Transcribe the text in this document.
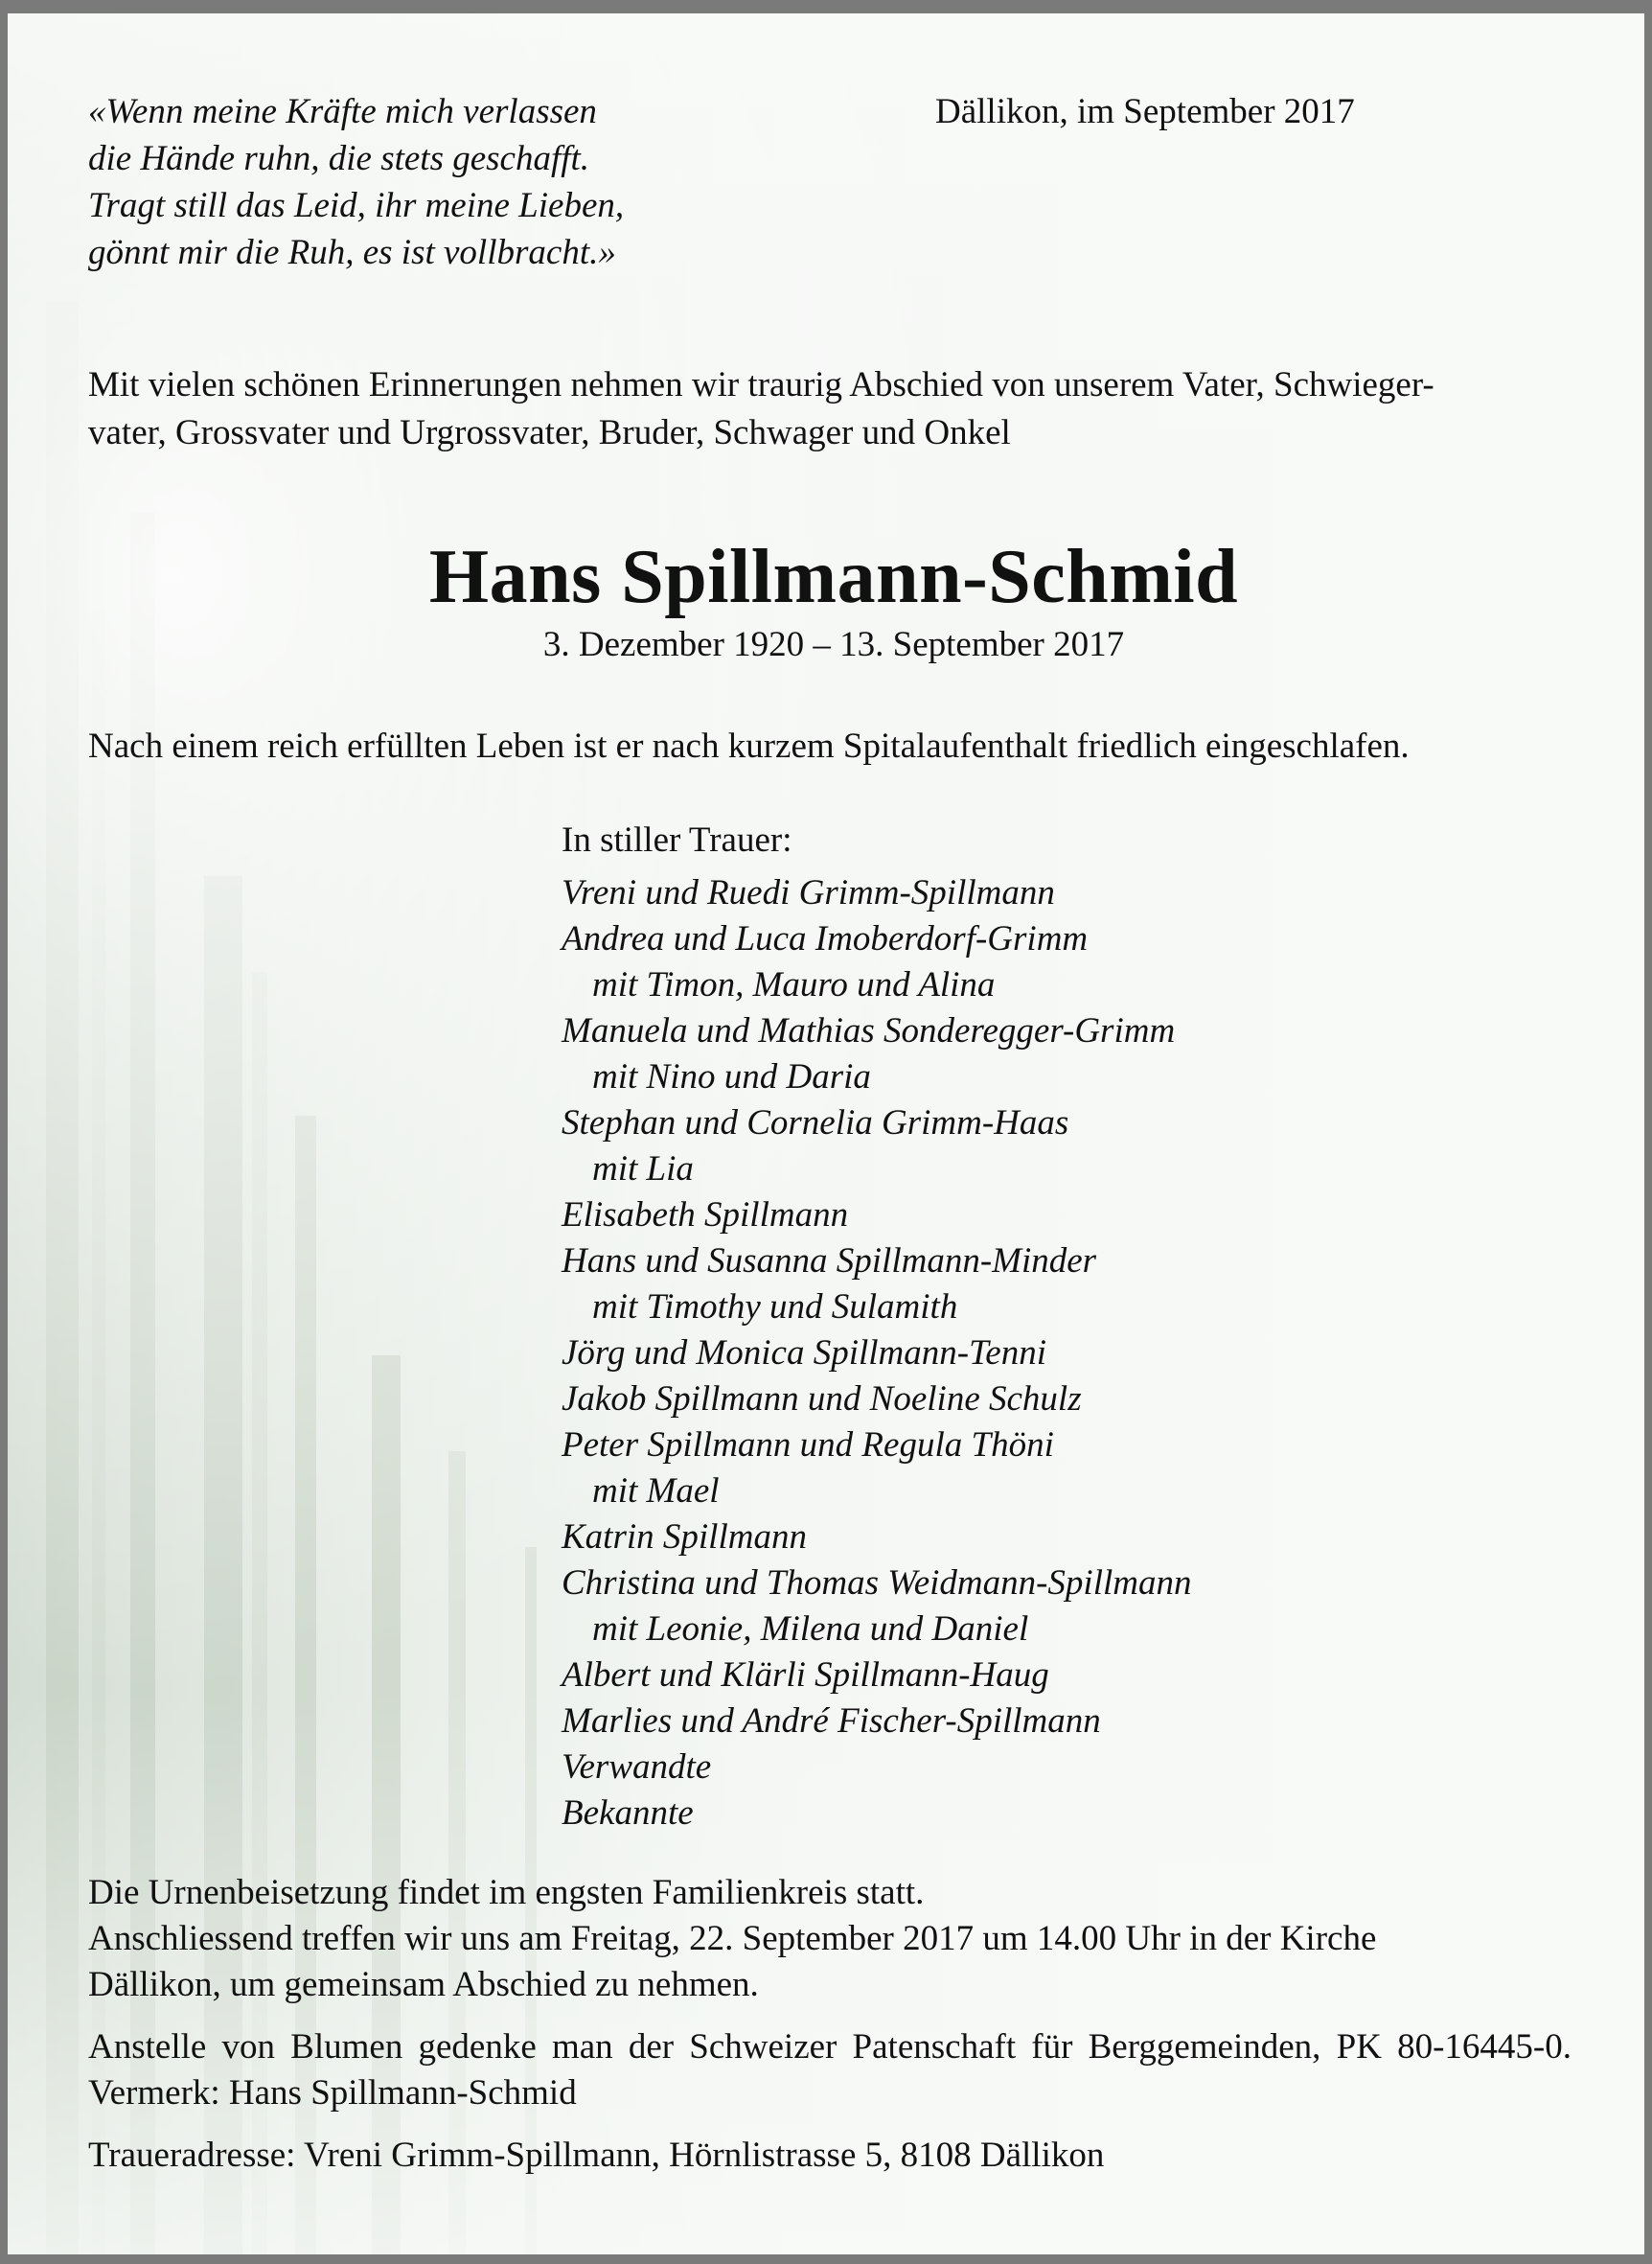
«Wenn meine Kräfte mich verlassen
die Hände ruhn, die stets geschafft.
Tragt still das Leid, ihr meine Lieben,
gönnt mir die Ruh, es ist vollbracht.»
Dällikon, im September 2017
Mit vielen schönen Erinnerungen nehmen wir traurig Abschied von unserem Vater, Schwieger-
vater, Grossvater und Urgrossvater, Bruder, Schwager und Onkel
Hans Spillmann-Schmid
3. Dezember 1920 – 13. September 2017
Nach einem reich erfüllten Leben ist er nach kurzem Spitalaufenthalt friedlich eingeschlafen.
In stiller Trauer:
Vreni und Ruedi Grimm-Spillmann
Andrea und Luca Imoberdorf-Grimm
mit Timon, Mauro und Alina
Manuela und Mathias Sonderegger-Grimm
mit Nino und Daria
Stephan und Cornelia Grimm-Haas
mit Lia
Elisabeth Spillmann
Hans und Susanna Spillmann-Minder
mit Timothy und Sulamith
Jörg und Monica Spillmann-Tenni
Jakob Spillmann und Noeline Schulz
Peter Spillmann und Regula Thöni
mit Mael
Katrin Spillmann
Christina und Thomas Weidmann-Spillmann
mit Leonie, Milena und Daniel
Albert und Klärli Spillmann-Haug
Marlies und André Fischer-Spillmann
Verwandte
Bekannte

Die Urnenbeisetzung findet im engsten Familienkreis statt.

Anschliessend treffen wir uns am Freitag, 22. September 2017 um 14.00 Uhr in der Kirche

Dällikon, um gemeinsam Abschied zu nehmen.

Anstelle von Blumen gedenke man der Schweizer Patenschaft für Berggemeinden, PK 80-16445-0. Vermerk: Hans Spillmann-Schmid

Traueradresse: Vreni Grimm-Spillmann, Hörnlistrasse 5, 8108 Dällikon
